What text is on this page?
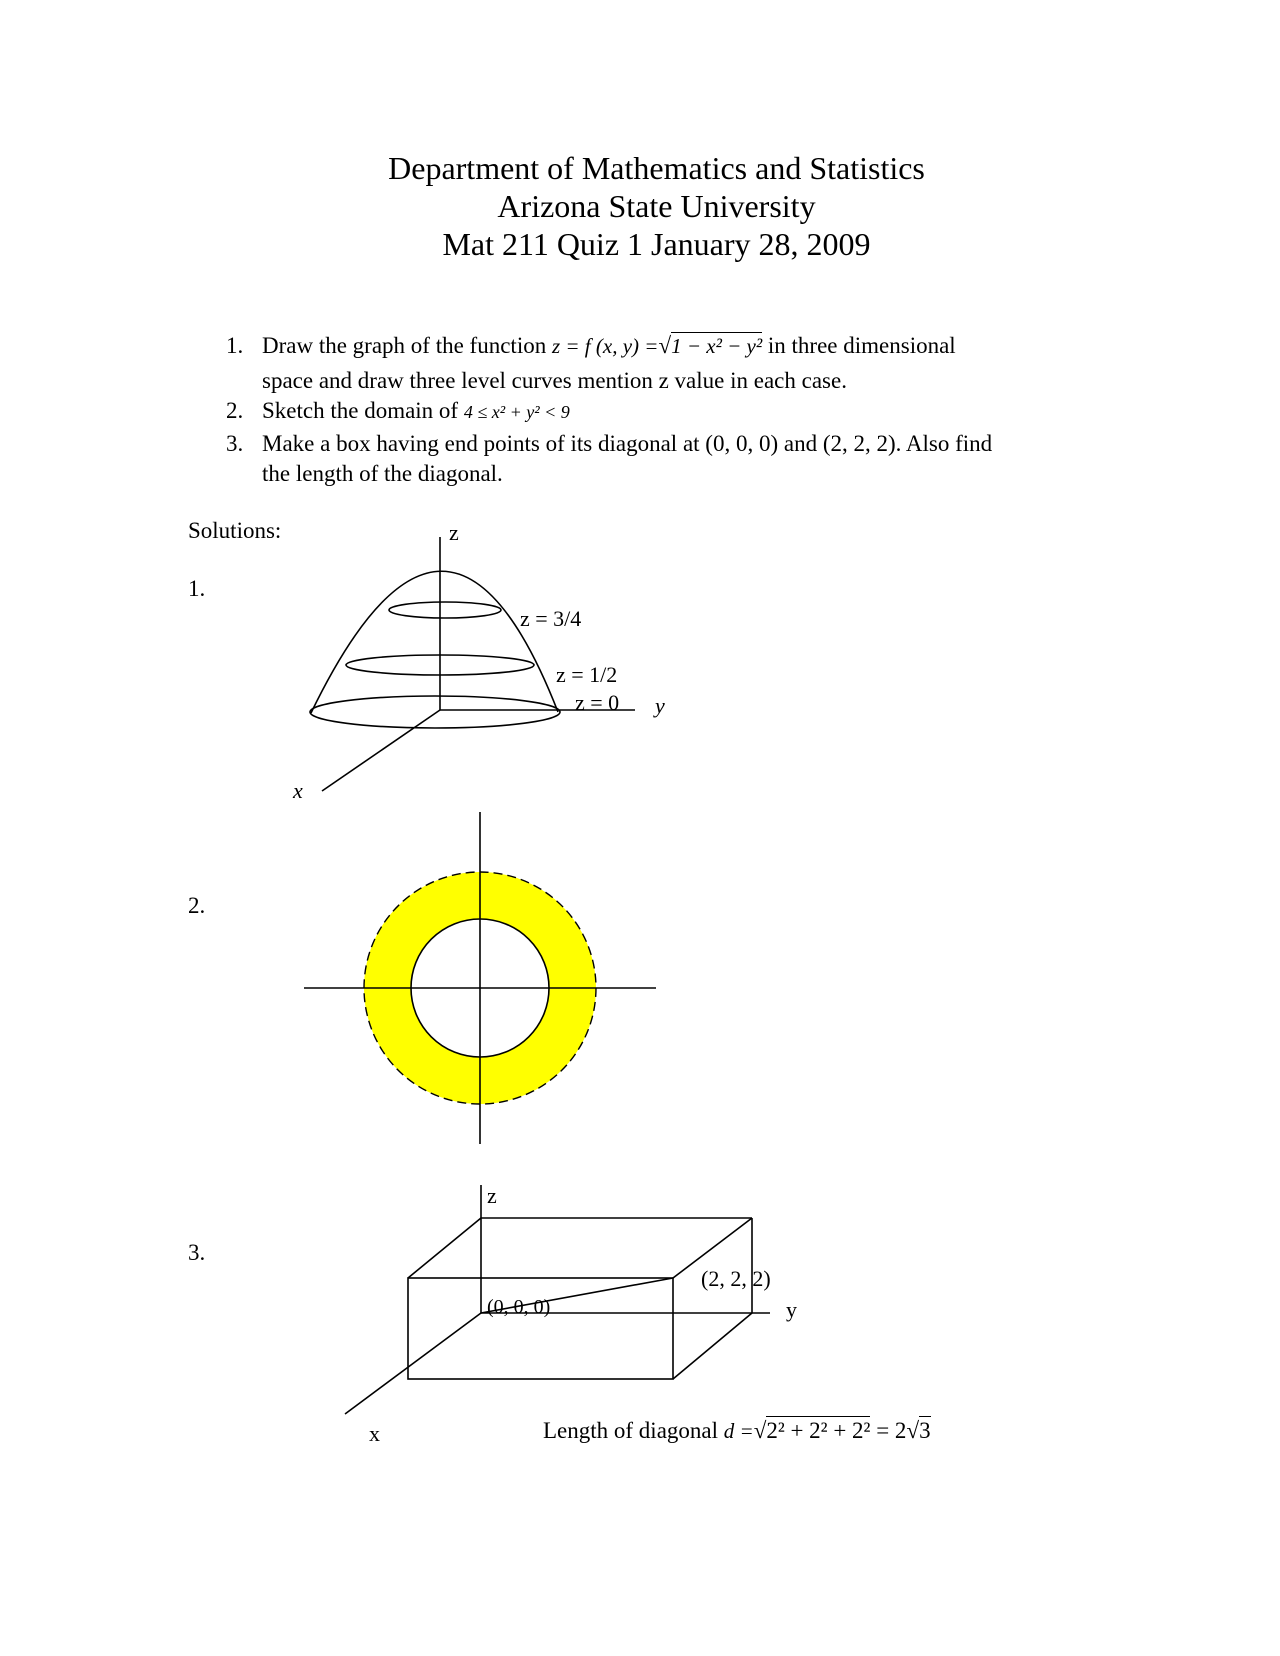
Department of Mathematics and Statistics
Arizona State University
Mat 211 Quiz 1 January 28, 2009
1. Draw the graph of the function z = f (x, y) =√1 − x² − y² in three dimensional
space and draw three level curves mention z value in each case.
2. Sketch the domain of 4 ≤ x² + y² < 9
3. Make a box having end points of its diagonal at (0, 0, 0) and (2, 2, 2). Also find
the length of the diagonal.
Solutions:
1.
z
z = 3/4
z = 1/2
z = 0 y
x
2.
3.
z
(2, 2, 2)
(0, 0, 0)	y
x	Length of diagonal d =√2² + 2² + 2² = 2√3
